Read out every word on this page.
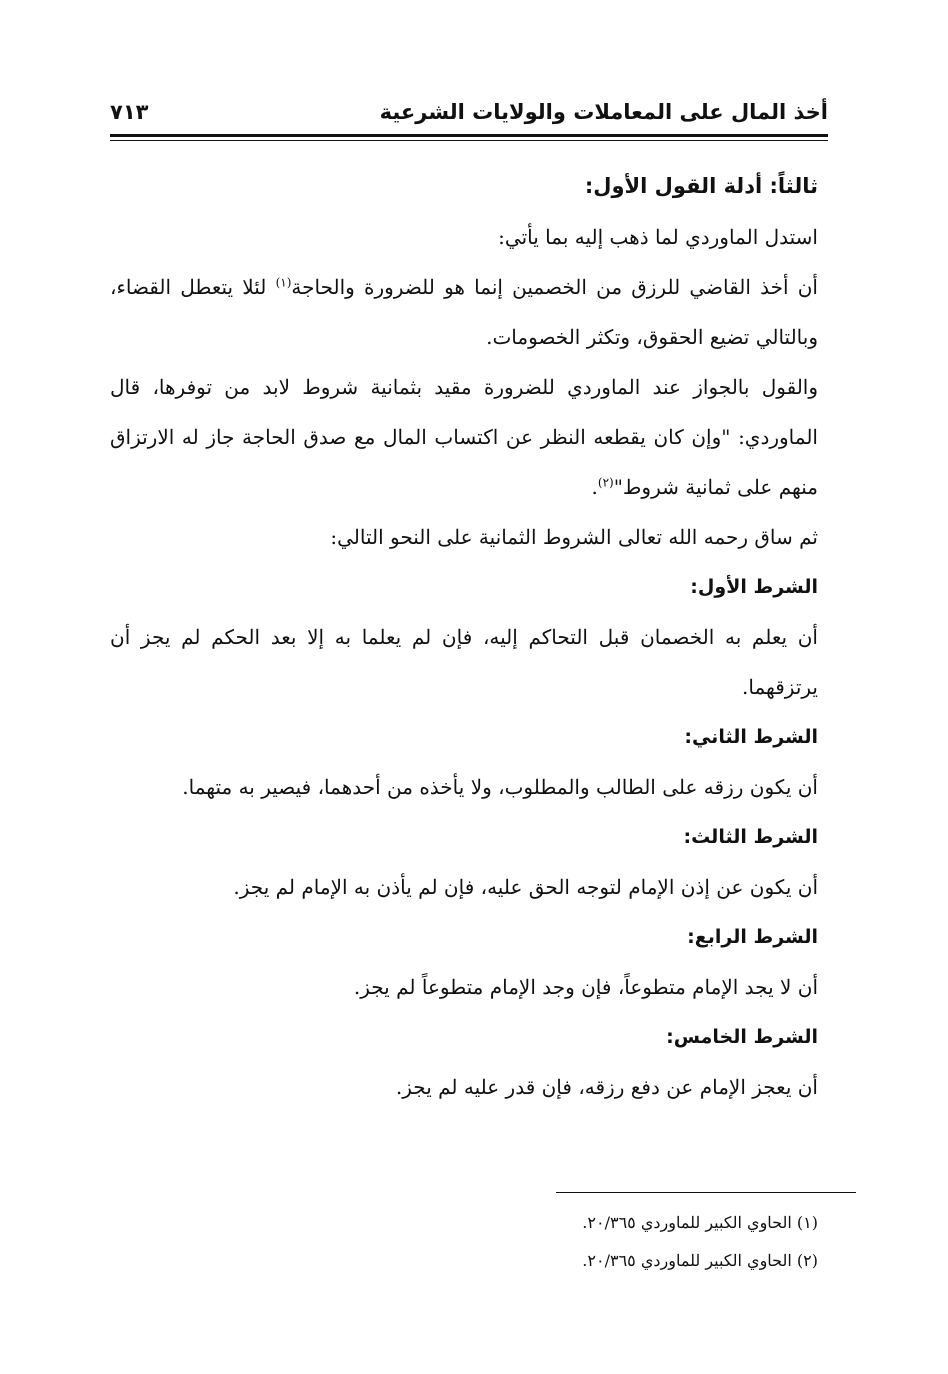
أخذ المال على المعاملات والولايات الشرعية
٧١٣

ثالثاً: أدلة القول الأول:

استدل الماوردي لما ذهب إليه بما يأتي:

أن أخذ القاضي للرزق من الخصمين إنما هو للضرورة والحاجة$^{(١)}$ لئلا يتعطل القضاء، وبالتالي تضيع الحقوق، وتكثر الخصومات.

والقول بالجواز عند الماوردي للضرورة مقيد بثمانية شروط لابد من توفرها، قال الماوردي: "وإن كان يقطعه النظر عن اكتساب المال مع صدق الحاجة جاز له الارتزاق منهم على ثمانية شروط"$^{(٢)}$.

ثم ساق رحمه الله تعالى الشروط الثمانية على النحو التالي:

الشرط الأول:

أن يعلم به الخصمان قبل التحاكم إليه، فإن لم يعلما به إلا بعد الحكم لم يجز أن يرتزقهما.

الشرط الثاني:

أن يكون رزقه على الطالب والمطلوب، ولا يأخذه من أحدهما، فيصير به متهما.

الشرط الثالث:

أن يكون عن إذن الإمام لتوجه الحق عليه، فإن لم يأذن به الإمام لم يجز.

الشرط الرابع:

أن لا يجد الإمام متطوعاً، فإن وجد الإمام متطوعاً لم يجز.

الشرط الخامس:

أن يعجز الإمام عن دفع رزقه، فإن قدر عليه لم يجز.

(١) الحاوي الكبير للماوردي ٢٠/٣٦٥.

(٢) الحاوي الكبير للماوردي ٢٠/٣٦٥.
